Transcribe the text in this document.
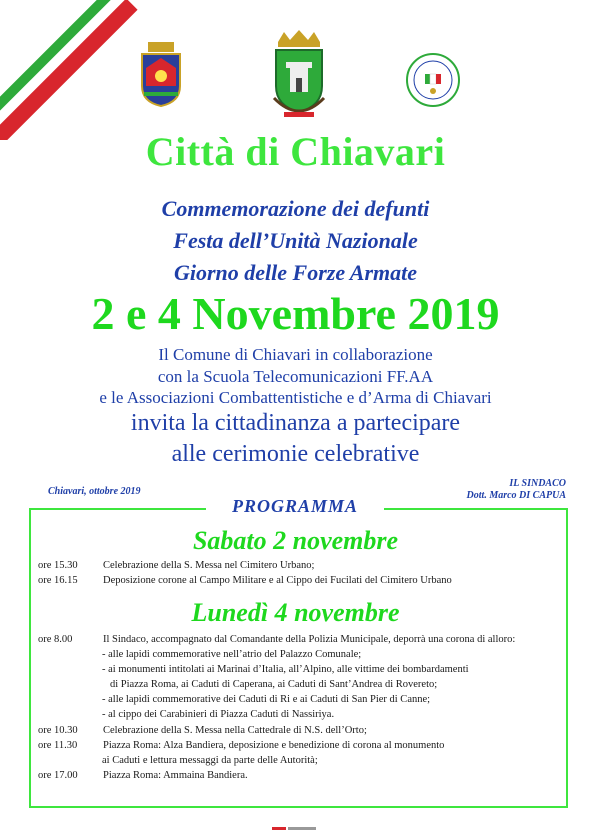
Città di Chiavari
Commemorazione dei defunti
Festa dell’Unità Nazionale
Giorno delle Forze Armate
2 e 4 Novembre 2019
Il Comune di Chiavari in collaborazione
con la Scuola Telecomunicazioni FF.AA
e le Associazioni Combattentistiche e d’Arma di Chiavari
invita la cittadinanza a partecipare
alle cerimonie celebrative
Chiavari, ottobre 2019
IL SINDACO
Dott. Marco DI CAPUA
PROGRAMMA
Sabato 2 novembre
ore 15.30	Celebrazione della S. Messa nel Cimitero Urbano;
ore 16.15	Deposizione corone al Campo Militare e al Cippo dei Fucilati del Cimitero Urbano
Lunedì 4 novembre
ore 8.00	Il Sindaco, accompagnato dal Comandante della Polizia Municipale, deporrà una corona di alloro:
- alle lapidi commemorative nell’atrio del Palazzo Comunale;
- ai monumenti intitolati ai Marinai d’Italia, all’Alpino, alle vittime dei bombardamenti
di Piazza Roma, ai Caduti di Caperana, ai Caduti di Sant’Andrea di Rovereto;
- alle lapidi commemorative dei Caduti di Ri e ai Caduti di San Pier di Canne;
- al cippo dei Carabinieri di Piazza Caduti di Nassiriya.
ore 10.30	Celebrazione della S. Messa nella Cattedrale di N.S. dell’Orto;
ore 11.30	Piazza Roma: Alza Bandiera, deposizione e benedizione di corona al monumento
ai Caduti e lettura messaggi da parte delle Autorità;
ore 17.00	Piazza Roma: Ammaina Bandiera.
